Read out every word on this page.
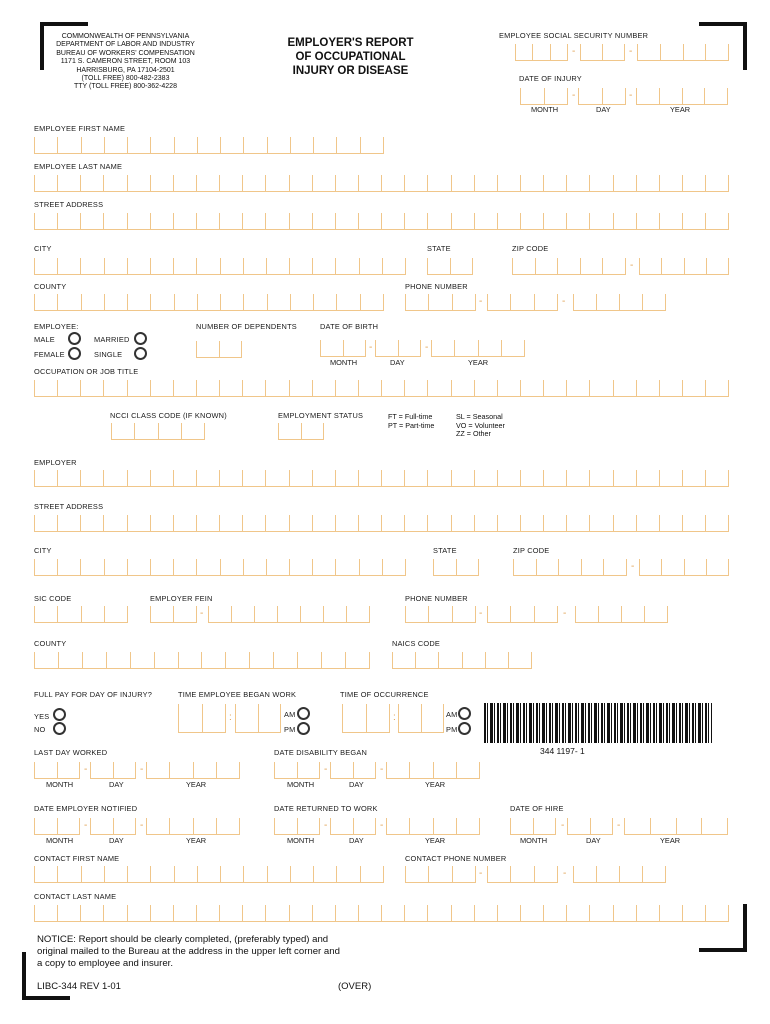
COMMONWEALTH OF PENNSYLVANIA
DEPARTMENT OF LABOR AND INDUSTRY
BUREAU OF WORKERS' COMPENSATION
1171 S. CAMERON STREET, ROOM 103
HARRISBURG, PA 17104-2501
(TOLL FREE) 800-482-2383
TTY (TOLL FREE) 800-362-4228
EMPLOYER'S REPORT
OF OCCUPATIONAL
INJURY OR DISEASE
EMPLOYEE SOCIAL SECURITY NUMBER
-	-
DATE OF INJURY
-	-
MONTH	DAY	YEAR
EMPLOYEE FIRST NAME
EMPLOYEE LAST NAME
STREET ADDRESS
CITY	STATE	ZIP CODE
-
COUNTY	PHONE NUMBER
-	-
EMPLOYEE:
MALE
FEMALE
MARRIED
SINGLE
NUMBER OF DEPENDENTS	DATE OF BIRTH
-	-
MONTH	DAY	YEAR
OCCUPATION OR JOB TITLE
NCCI CLASS CODE (IF KNOWN)	EMPLOYMENT STATUS	FT = Full-time
PT = Part-time
SL = Seasonal
VO = Volunteer
ZZ = Other
EMPLOYER
STREET ADDRESS
CITY	STATE	ZIP CODE
-
SIC CODE	EMPLOYER FEIN
-
PHONE NUMBER
-	-
COUNTY	NAICS CODE
FULL PAY FOR DAY OF INJURY?
YES
NO
TIME EMPLOYEE BEGAN WORK
:	AM
PM
TIME OF OCCURRENCE
:	AM
PM
344 1197- 1
LAST DAY WORKED
-	-
MONTH	DAY	YEAR
DATE DISABILITY BEGAN
-	-
MONTH	DAY	YEAR
DATE EMPLOYER NOTIFIED
-	-
MONTH	DAY	YEAR
DATE RETURNED TO WORK
-	-
MONTH	DAY	YEAR
DATE OF HIRE
-	-
MONTH	DAY	YEAR
CONTACT FIRST NAME	CONTACT PHONE NUMBER
-	-
CONTACT LAST NAME
NOTICE: Report should be clearly completed, (preferably typed) and original mailed to the Bureau at the address in the upper left corner and a copy to employee and insurer.
LIBC-344 REV 1-01	(OVER)
